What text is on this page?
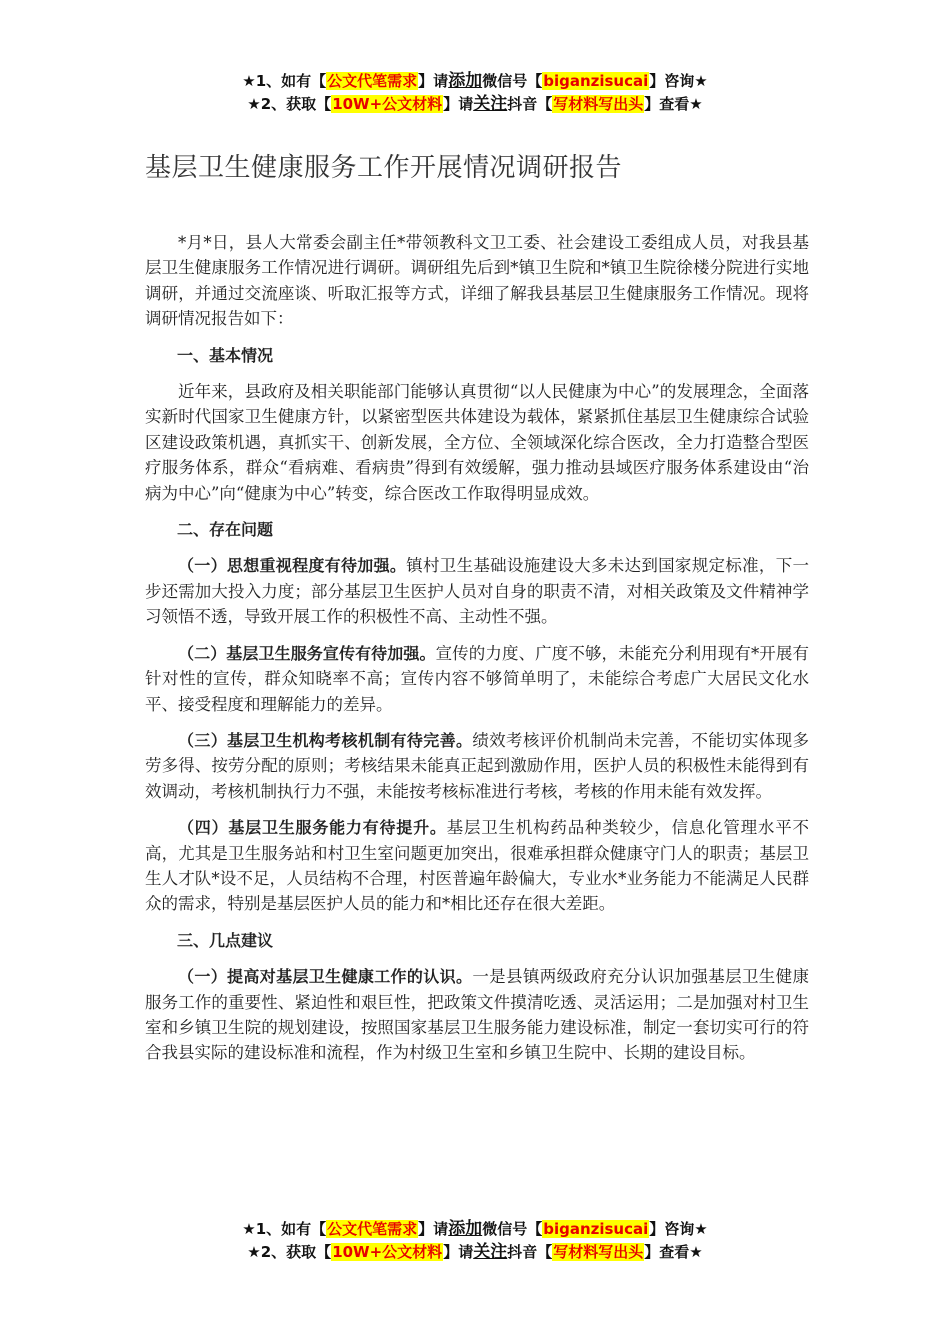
★1、如有【公文代笔需求】请添加微信号【biganzisucai】咨询★
★2、获取【10W+公文材料】请关注抖音【写材料写出头】查看★
基层卫生健康服务工作开展情况调研报告

*月*日，县人大常委会副主任*带领教科文卫工委、社会建设工委组成人员，对我县基层卫生健康服务工作情况进行调研。调研组先后到*镇卫生院和*镇卫生院徐楼分院进行实地调研，并通过交流座谈、听取汇报等方式，详细了解我县基层卫生健康服务工作情况。现将调研情况报告如下：

一、基本情况

近年来，县政府及相关职能部门能够认真贯彻“以人民健康为中心”的发展理念，全面落实新时代国家卫生健康方针，以紧密型医共体建设为载体，紧紧抓住基层卫生健康综合试验区建设政策机遇，真抓实干、创新发展，全方位、全领域深化综合医改，全力打造整合型医疗服务体系，群众“看病难、看病贵”得到有效缓解，强力推动县域医疗服务体系建设由“治病为中心”向“健康为中心”转变，综合医改工作取得明显成效。

二、存在问题

（一）思想重视程度有待加强。镇村卫生基础设施建设大多未达到国家规定标准，下一步还需加大投入力度；部分基层卫生医护人员对自身的职责不清，对相关政策及文件精神学习领悟不透，导致开展工作的积极性不高、主动性不强。

（二）基层卫生服务宣传有待加强。宣传的力度、广度不够，未能充分利用现有*开展有针对性的宣传，群众知晓率不高；宣传内容不够简单明了，未能综合考虑广大居民文化水平、接受程度和理解能力的差异。

（三）基层卫生机构考核机制有待完善。绩效考核评价机制尚未完善，不能切实体现多劳多得、按劳分配的原则；考核结果未能真正起到激励作用，医护人员的积极性未能得到有效调动，考核机制执行力不强，未能按考核标准进行考核，考核的作用未能有效发挥。

（四）基层卫生服务能力有待提升。基层卫生机构药品种类较少，信息化管理水平不高，尤其是卫生服务站和村卫生室问题更加突出，很难承担群众健康守门人的职责；基层卫生人才队*设不足，人员结构不合理，村医普遍年龄偏大，专业水*业务能力不能满足人民群众的需求，特别是基层医护人员的能力和*相比还存在很大差距。

三、几点建议

（一）提高对基层卫生健康工作的认识。一是县镇两级政府充分认识加强基层卫生健康服务工作的重要性、紧迫性和艰巨性，把政策文件摸清吃透、灵活运用；二是加强对村卫生室和乡镇卫生院的规划建设，按照国家基层卫生服务能力建设标准，制定一套切实可行的符合我县实际的建设标准和流程，作为村级卫生室和乡镇卫生院中、长期的建设目标。

★1、如有【公文代笔需求】请添加微信号【biganzisucai】咨询★
★2、获取【10W+公文材料】请关注抖音【写材料写出头】查看★
